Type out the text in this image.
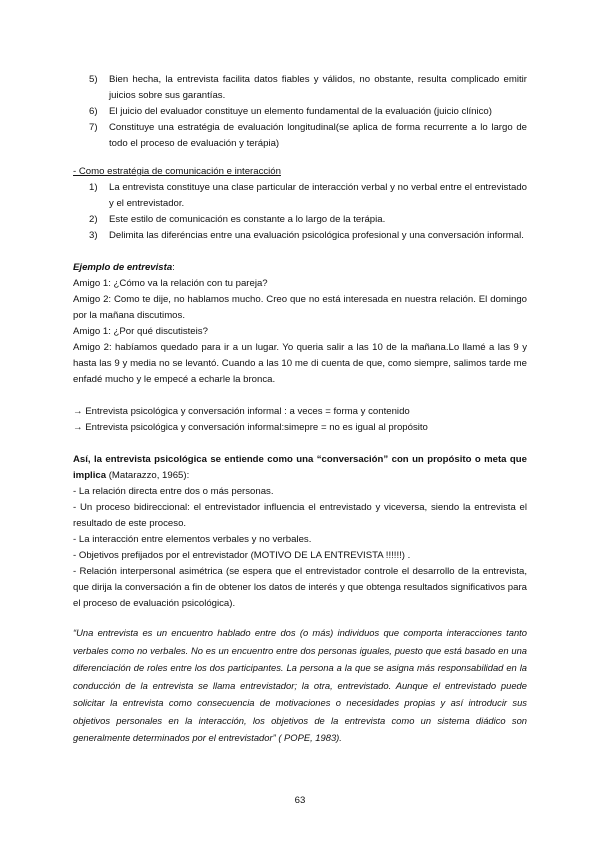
5)	Bien hecha, la entrevista facilita datos fiables y válidos, no obstante, resulta complicado emitir juicios sobre sus garantías.
6)	El juicio del evaluador constituye un elemento fundamental de la evaluación (juicio clínico)
7)	Constituye una estratégia de evaluación longitudinal(se aplica de forma recurrente a lo largo de todo el proceso de evaluación y terápia)
- Como estratégia de comunicación e interacción
1)	La entrevista constituye una clase particular de interacción verbal y no verbal entre el entrevistado y el entrevistador.
2)	Este estilo de comunicación es constante a lo largo de la terápia.
3)	Delimita las diferéncias entre una evaluación psicológica profesional y una conversación informal.

Ejemplo de entrevista:

Amigo 1: ¿Cómo va la relación con tu pareja?

Amigo 2: Como te dije, no hablamos mucho. Creo que no está interesada en nuestra relación. El domingo por la mañana discutimos.

Amigo 1: ¿Por qué discutisteis?

Amigo 2: habíamos quedado para ir a un lugar. Yo queria salir a las 10 de la mañana.Lo llamé a las 9 y hasta las 9 y media no se levantó. Cuando a las 10 me di cuenta de que, como siempre, salimos tarde me enfadé mucho y le empecé a echarle la bronca.

→ Entrevista psicológica y conversación informal : a veces = forma y contenido

→ Entrevista psicológica y conversación informal:simepre = no es igual al propósito

Así, la entrevista psicológica se entiende como una “conversación” con un propósito o meta que implica (Matarazzo, 1965):

- La relación directa entre dos o más personas.

- Un proceso bidireccional: el entrevistador influencia el entrevistado y viceversa, siendo la entrevista el resultado de este proceso.

- La interacción entre elementos verbales y no verbales.

- Objetivos prefijados por el entrevistador (MOTIVO DE LA ENTREVISTA !!!!!!) .

- Relación interpersonal asimétrica (se espera que el entrevistador controle el desarrollo de la entrevista, que dirija la conversación a fin de obtener los datos de interés y que obtenga resultados significativos para el proceso de evaluación psicológica).

“Una entrevista es un encuentro hablado entre dos (o más) individuos que comporta interacciones tanto verbales como no verbales. No es un encuentro entre dos personas iguales, puesto que está basado en una diferenciación de roles entre los dos participantes. La persona a la que se asigna más responsabilidad en la conducción de la entrevista se llama entrevistador; la otra, entrevistado. Aunque el entrevistado puede solicitar la entrevista como consecuencia de motivaciones o necesidades propias y así introducir sus objetivos personales en la interacción, los objetivos de la entrevista como un sistema diádico son generalmente determinados por el entrevistador” ( POPE, 1983).

63
